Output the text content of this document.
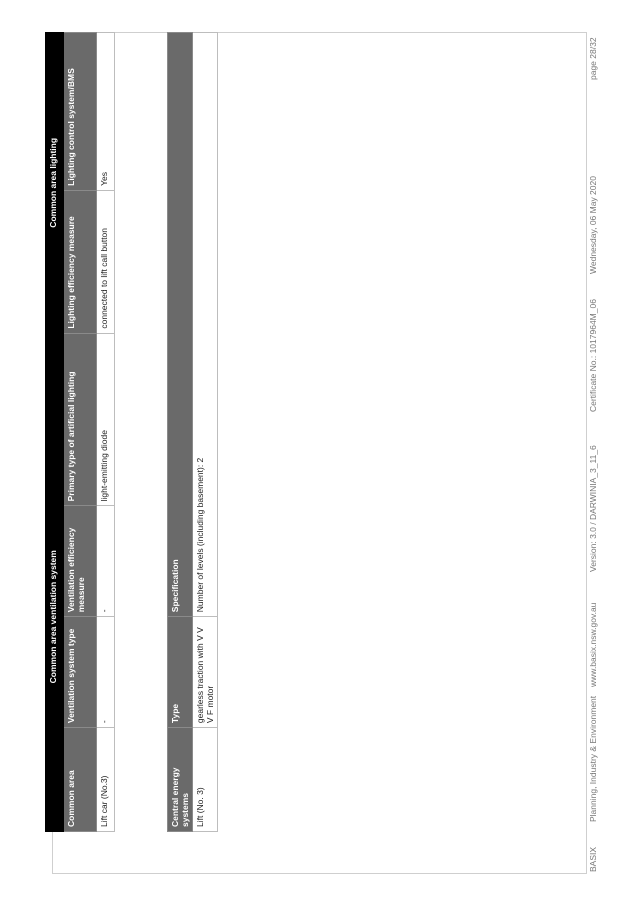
	Common area ventilation system			Common area lighting	
Common area	Ventilation system type	Ventilation efficiency measure	Primary type of artificial lighting	Lighting efficiency measure	Lighting control system/BMS
Lift car (No.3)	-	-	light-emitting diode	connected to lift call button	Yes
Central energy systems	Type	Specification
Lift (No. 3)	gearless traction with V V V F motor	Number of levels (including basement): 2
BASIX
Planning, Industry & Environment
www.basix.nsw.gov.au
Version: 3.0 / DARWINIA_3_11_6
Certificate No.: 1017964M_06
Wednesday, 06 May 2020
page 28/32
